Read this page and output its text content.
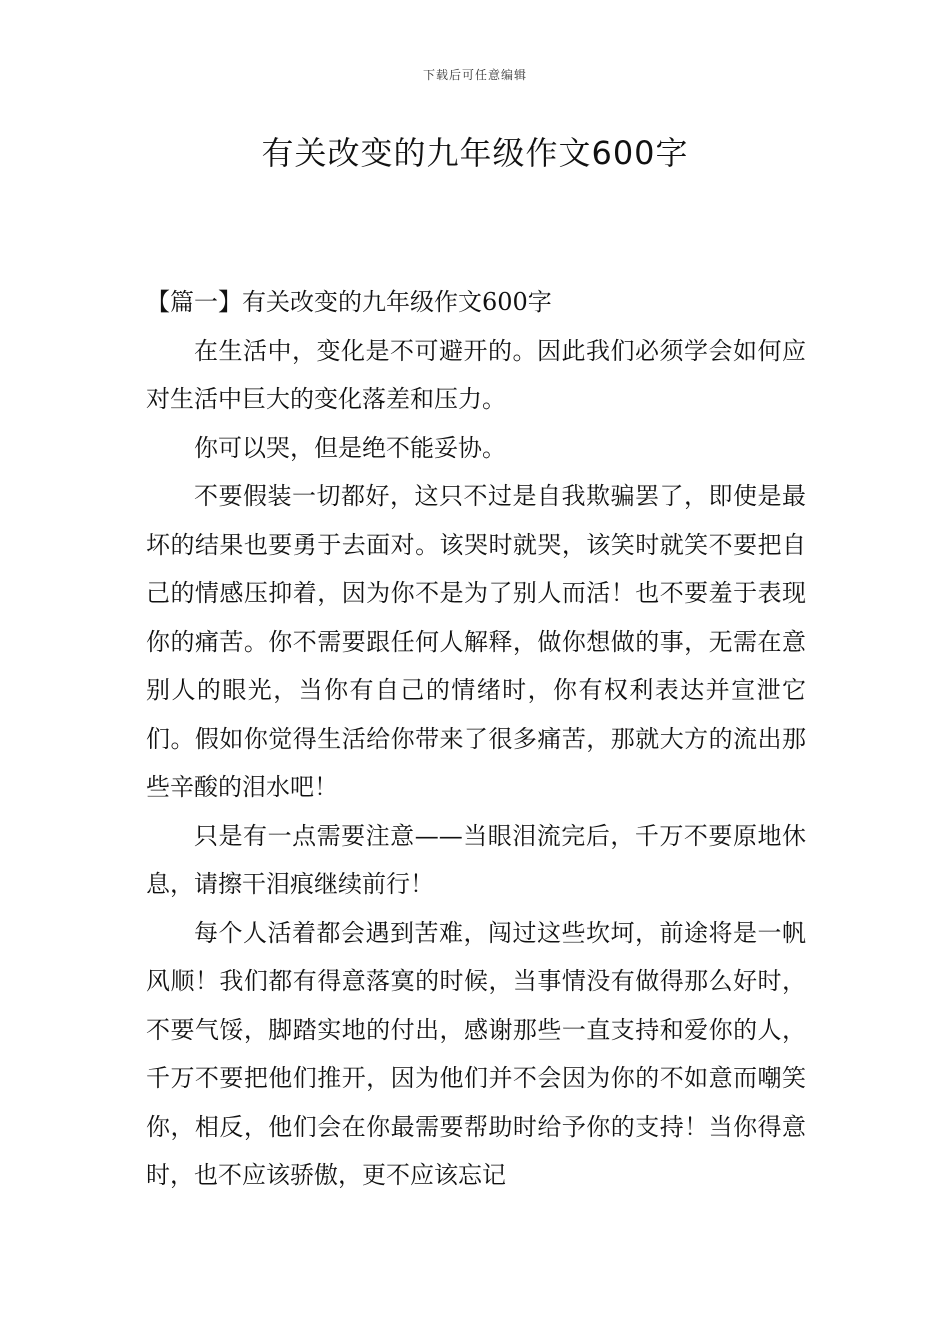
下载后可任意编辑
有关改变的九年级作文600字

【篇一】有关改变的九年级作文600字

在生活中，变化是不可避开的。因此我们必须学会如何应对生活中巨大的变化落差和压力。

你可以哭，但是绝不能妥协。

不要假装一切都好，这只不过是自我欺骗罢了，即使是最坏的结果也要勇于去面对。该哭时就哭，该笑时就笑不要把自己的情感压抑着，因为你不是为了别人而活！也不要羞于表现你的痛苦。你不需要跟任何人解释，做你想做的事，无需在意别人的眼光，当你有自己的情绪时，你有权利表达并宣泄它们。假如你觉得生活给你带来了很多痛苦，那就大方的流出那些辛酸的泪水吧！

只是有一点需要注意——当眼泪流完后，千万不要原地休息，请擦干泪痕继续前行！

每个人活着都会遇到苦难，闯过这些坎坷，前途将是一帆风顺！我们都有得意落寞的时候，当事情没有做得那么好时，不要气馁，脚踏实地的付出，感谢那些一直支持和爱你的人，千万不要把他们推开，因为他们并不会因为你的不如意而嘲笑你，相反，他们会在你最需要帮助时给予你的支持！当你得意时，也不应该骄傲，更不应该忘记
